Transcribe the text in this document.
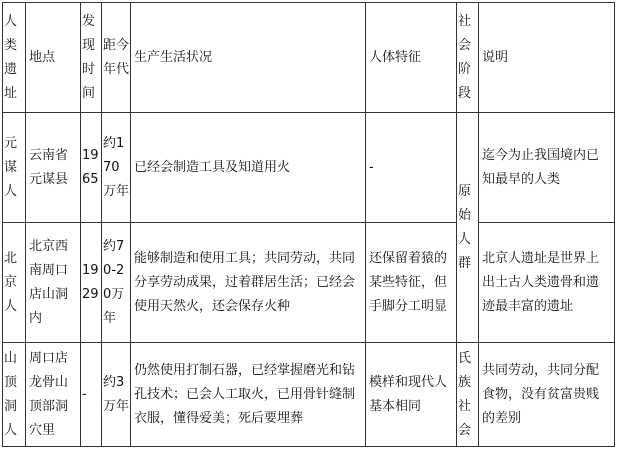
人类遗址	地点	发现时间	距今年代	生产生活状况	人体特征	社会阶段	说明
元谋人	云南省元谋县	1965	约170万年	已经会制造工具及知道用火	-	原始人群	迄今为止我国境内已知最早的人类
北京人	北京西南周口店山洞内	1929	约70-20万年	能够制造和使用工具；共同劳动，共同分享劳动成果，过着群居生活；已经会使用天然火，还会保存火种	还保留着猿的某些特征，但手脚分工明显		北京人遗址是世界上出土古人类遗骨和遗迹最丰富的遗址
山顶洞人	周口店龙骨山顶部洞穴里	-	约3万年	仍然使用打制石器，已经掌握磨光和钻孔技术；已会人工取火，已用骨针缝制衣服，懂得爱美；死后要埋葬	模样和现代人基本相同	氏族社会	共同劳动，共同分配食物，没有贫富贵贱的差别
